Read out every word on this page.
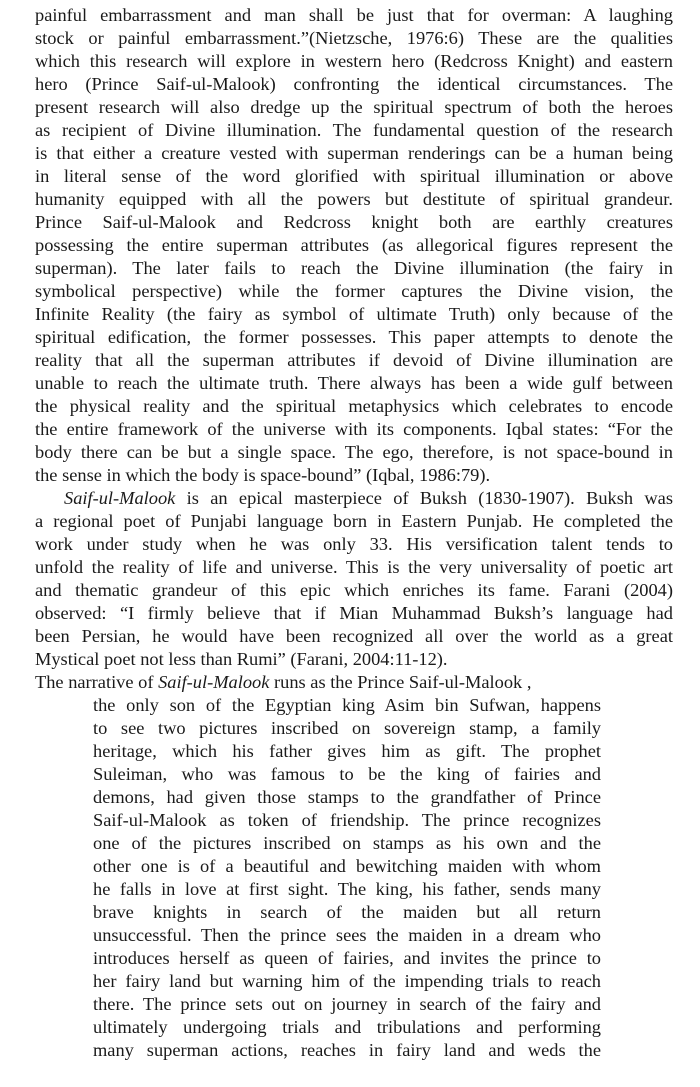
painful embarrassment and man shall be just that for overman: A laughing
stock or painful embarrassment.”(Nietzsche, 1976:6) These are the qualities
which this research will explore in western hero (Redcross Knight) and eastern
hero (Prince Saif-ul-Malook) confronting the identical circumstances. The
present research will also dredge up the spiritual spectrum of both the heroes
as recipient of Divine illumination. The fundamental question of the research
is that either a creature vested with superman renderings can be a human being
in literal sense of the word glorified with spiritual illumination or above
humanity equipped with all the powers but destitute of spiritual grandeur.
Prince Saif-ul-Malook and Redcross knight both are earthly creatures
possessing the entire superman attributes (as allegorical figures represent the
superman). The later fails to reach the Divine illumination (the fairy in
symbolical perspective) while the former captures the Divine vision, the
Infinite Reality (the fairy as symbol of ultimate Truth) only because of the
spiritual edification, the former possesses. This paper attempts to denote the
reality that all the superman attributes if devoid of Divine illumination are
unable to reach the ultimate truth. There always has been a wide gulf between
the physical reality and the spiritual metaphysics which celebrates to encode
the entire framework of the universe with its components. Iqbal states: “For the
body there can be but a single space. The ego, therefore, is not space-bound in
the sense in which the body is space-bound” (Iqbal, 1986:79).
Saif-ul-Malook is an epical masterpiece of Buksh (1830-1907). Buksh was
a regional poet of Punjabi language born in Eastern Punjab. He completed the
work under study when he was only 33. His versification talent tends to
unfold the reality of life and universe. This is the very universality of poetic art
and thematic grandeur of this epic which enriches its fame. Farani (2004)
observed: “I firmly believe that if Mian Muhammad Buksh’s language had
been Persian, he would have been recognized all over the world as a great
Mystical poet not less than Rumi” (Farani, 2004:11-12).
The narrative of Saif-ul-Malook runs as the Prince Saif-ul-Malook ,
the only son of the Egyptian king Asim bin Sufwan, happens
to see two pictures inscribed on sovereign stamp, a family
heritage, which his father gives him as gift. The prophet
Suleiman, who was famous to be the king of fairies and
demons, had given those stamps to the grandfather of Prince
Saif-ul-Malook as token of friendship. The prince recognizes
one of the pictures inscribed on stamps as his own and the
other one is of a beautiful and bewitching maiden with whom
he falls in love at first sight. The king, his father, sends many
brave knights in search of the maiden but all return
unsuccessful. Then the prince sees the maiden in a dream who
introduces herself as queen of fairies, and invites the prince to
her fairy land but warning him of the impending trials to reach
there. The prince sets out on journey in search of the fairy and
ultimately undergoing trials and tribulations and performing
many superman actions, reaches in fairy land and weds the
